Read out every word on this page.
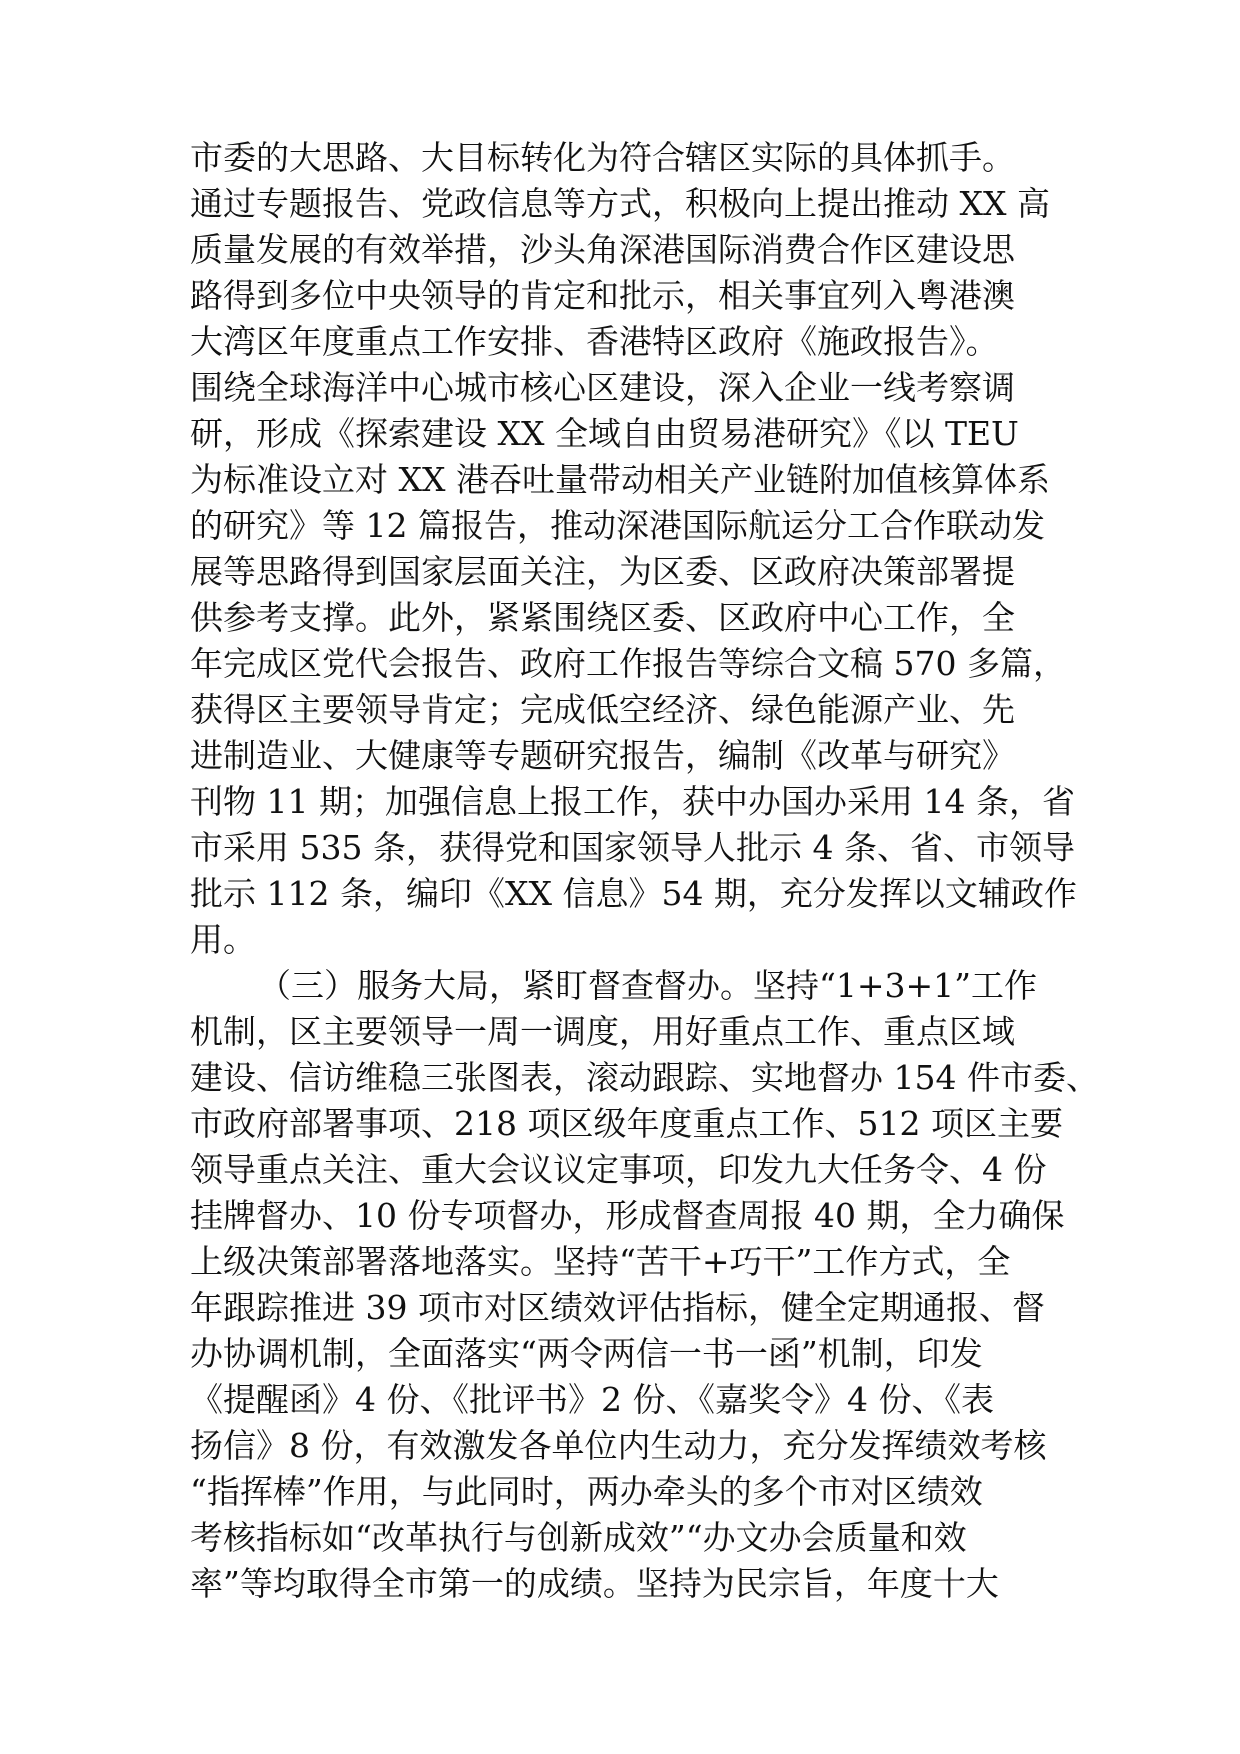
市委的大思路、大目标转化为符合辖区实际的具体抓手。

通过专题报告、党政信息等方式，积极向上提出推动 XX 高

质量发展的有效举措，沙头角深港国际消费合作区建设思

路得到多位中央领导的肯定和批示，相关事宜列入粤港澳

大湾区年度重点工作安排、香港特区政府《施政报告》。

围绕全球海洋中心城市核心区建设，深入企业一线考察调

研，形成《探索建设 XX 全域自由贸易港研究》《以 TEU

为标准设立对 XX 港吞吐量带动相关产业链附加值核算体系

的研究》等 12 篇报告，推动深港国际航运分工合作联动发

展等思路得到国家层面关注，为区委、区政府决策部署提

供参考支撑。此外，紧紧围绕区委、区政府中心工作，全

年完成区党代会报告、政府工作报告等综合文稿 570 多篇，

获得区主要领导肯定；完成低空经济、绿色能源产业、先

进制造业、大健康等专题研究报告，编制《改革与研究》

刊物 11 期；加强信息上报工作，获中办国办采用 14 条，省

市采用 535 条，获得党和国家领导人批示 4 条、省、市领导

批示 112 条，编印《XX 信息》54 期，充分发挥以文辅政作

用。

（三）服务大局，紧盯督查督办。坚持“1+3+1”工作

机制，区主要领导一周一调度，用好重点工作、重点区域

建设、信访维稳三张图表，滚动跟踪、实地督办 154 件市委、

市政府部署事项、218 项区级年度重点工作、512 项区主要

领导重点关注、重大会议议定事项，印发九大任务令、4 份

挂牌督办、10 份专项督办，形成督查周报 40 期，全力确保

上级决策部署落地落实。坚持“苦干+巧干”工作方式，全

年跟踪推进 39 项市对区绩效评估指标，健全定期通报、督

办协调机制，全面落实“两令两信一书一函”机制，印发

《提醒函》4 份、《批评书》2 份、《嘉奖令》4 份、《表

扬信》8 份，有效激发各单位内生动力，充分发挥绩效考核

“指挥棒”作用，与此同时，两办牵头的多个市对区绩效

考核指标如“改革执行与创新成效”“办文办会质量和效

率”等均取得全市第一的成绩。坚持为民宗旨，年度十大
